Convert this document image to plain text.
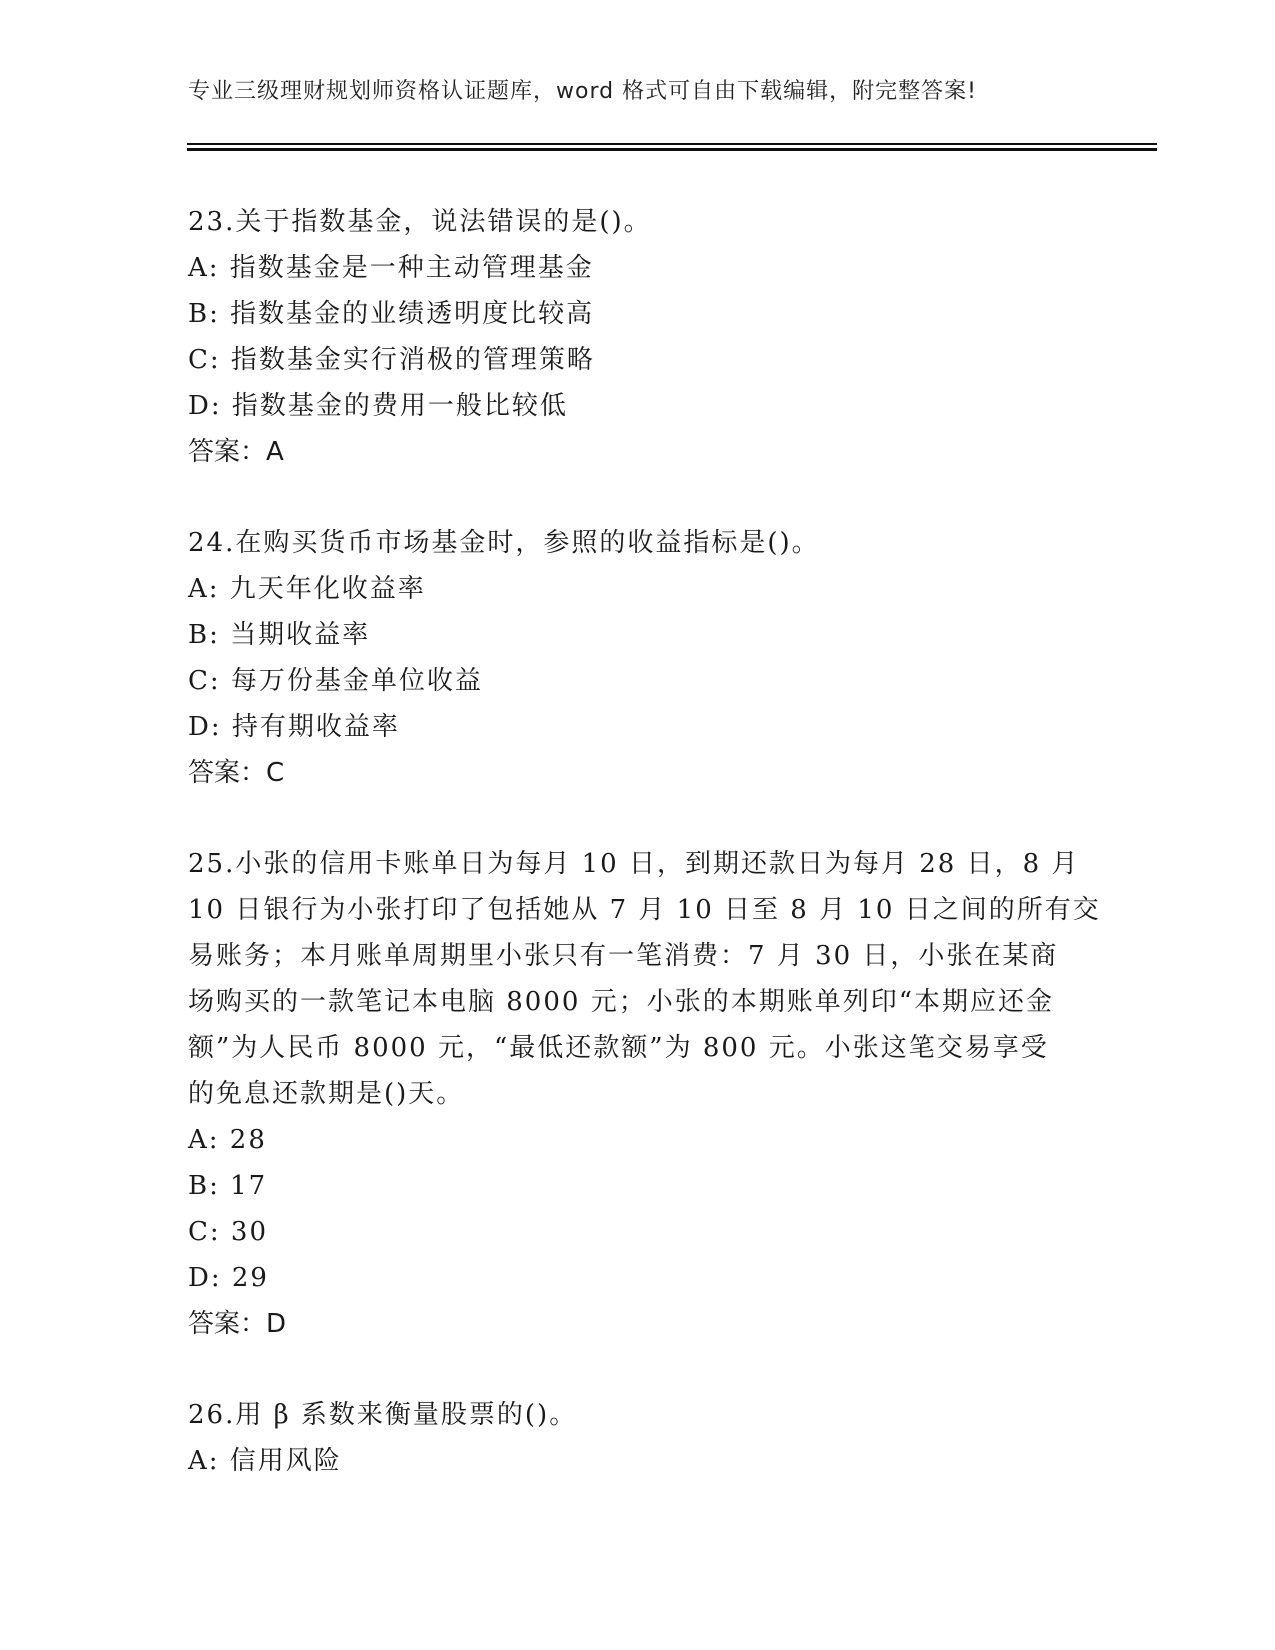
专业三级理财规划师资格认证题库，word 格式可自由下载编辑，附完整答案!
23.关于指数基金，说法错误的是()。
A: 指数基金是一种主动管理基金
B: 指数基金的业绩透明度比较高
C: 指数基金实行消极的管理策略
D: 指数基金的费用一般比较低
答案：A
24.在购买货币市场基金时，参照的收益指标是()。
A: 九天年化收益率
B: 当期收益率
C: 每万份基金单位收益
D: 持有期收益率
答案：C
25.小张的信用卡账单日为每月 10 日，到期还款日为每月 28 日，8 月
10 日银行为小张打印了包括她从 7 月 10 日至 8 月 10 日之间的所有交
易账务；本月账单周期里小张只有一笔消费：7 月 30 日，小张在某商
场购买的一款笔记本电脑 8000 元；小张的本期账单列印“本期应还金
额”为人民币 8000 元，“最低还款额”为 800 元。小张这笔交易享受
的免息还款期是()天。
A: 28
B: 17
C: 30
D: 29
答案：D
26.用 β 系数来衡量股票的()。
A: 信用风险
